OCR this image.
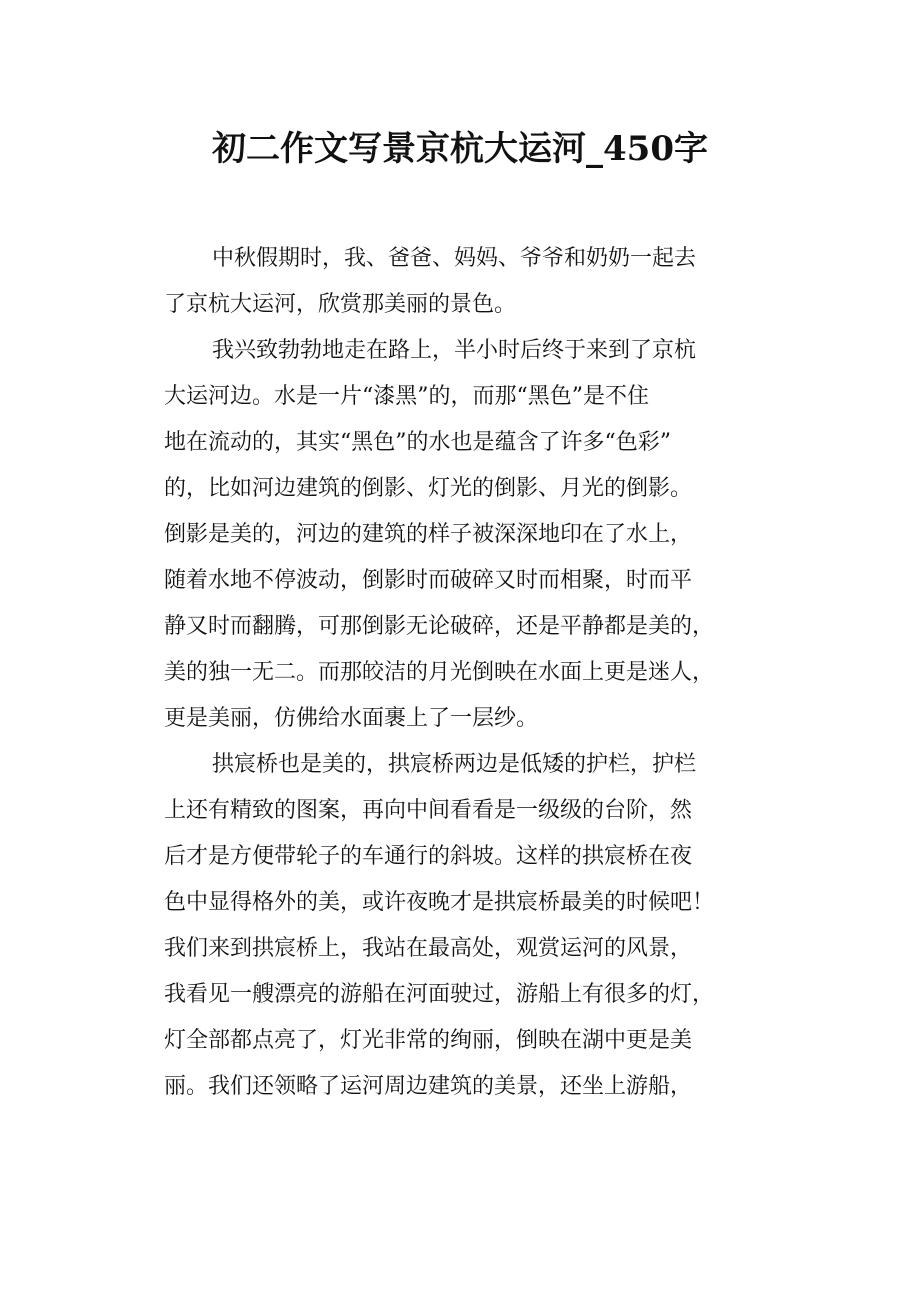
初二作文写景京杭大运河_450字

中秋假期时，我、爸爸、妈妈、爷爷和奶奶一起去
了京杭大运河，欣赏那美丽的景色。

我兴致勃勃地走在路上，半小时后终于来到了京杭
大运河边。水是一片“漆黑”的，而那“黑色”是不住
地在流动的，其实“黑色”的水也是蕴含了许多“色彩”
的，比如河边建筑的倒影、灯光的倒影、月光的倒影。
倒影是美的，河边的建筑的样子被深深地印在了水上，
随着水地不停波动，倒影时而破碎又时而相聚，时而平
静又时而翻腾，可那倒影无论破碎，还是平静都是美的，
美的独一无二。而那皎洁的月光倒映在水面上更是迷人，
更是美丽，仿佛给水面裹上了一层纱。

拱宸桥也是美的，拱宸桥两边是低矮的护栏，护栏
上还有精致的图案，再向中间看看是一级级的台阶，然
后才是方便带轮子的车通行的斜坡。这样的拱宸桥在夜
色中显得格外的美，或许夜晚才是拱宸桥最美的时候吧！
我们来到拱宸桥上，我站在最高处，观赏运河的风景，
我看见一艘漂亮的游船在河面驶过，游船上有很多的灯，
灯全部都点亮了，灯光非常的绚丽，倒映在湖中更是美
丽。我们还领略了运河周边建筑的美景，还坐上游船，
